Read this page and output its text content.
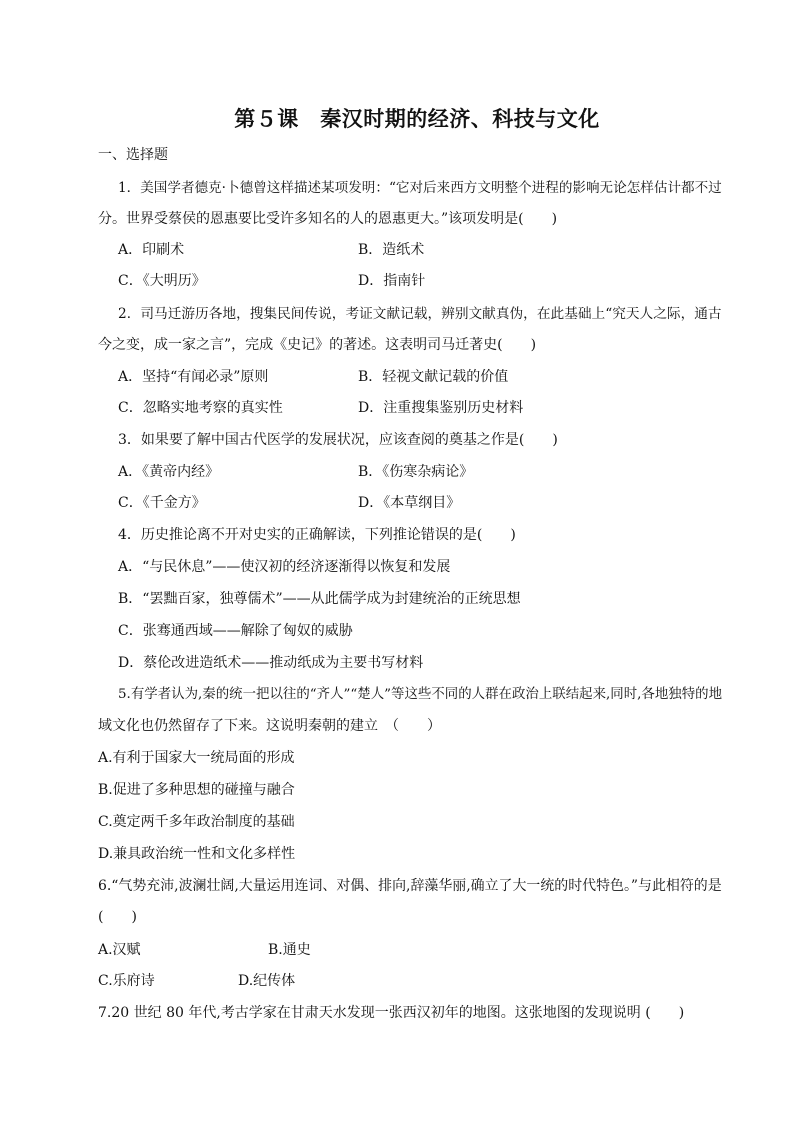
第５课　秦汉时期的经济、科技与文化
一、选择题
1．美国学者德克·卜德曾这样描述某项发明：“它对后来西方文明整个进程的影响无论怎样估计都不过
分。世界受蔡侯的恩惠要比受许多知名的人的恩惠更大。”该项发明是(　　)
A．印刷术	B．造纸术
C．《大明历》	D．指南针
2．司马迁游历各地，搜集民间传说，考证文献记载，辨别文献真伪，在此基础上“究天人之际，通古
今之变，成一家之言”，完成《史记》的著述。这表明司马迁著史(　　)
A．坚持“有闻必录”原则	B．轻视文献记载的价值
C．忽略实地考察的真实性	D．注重搜集鉴别历史材料
3．如果要了解中国古代医学的发展状况，应该查阅的奠基之作是(　　)
A．《黄帝内经》	B．《伤寒杂病论》
C．《千金方》	D．《本草纲目》
4．历史推论离不开对史实的正确解读，下列推论错误的是(　　)
A．“与民休息”——使汉初的经济逐渐得以恢复和发展
B．“罢黜百家，独尊儒术”——从此儒学成为封建统治的正统思想
C．张骞通西域——解除了匈奴的威胁
D．蔡伦改进造纸术——推动纸成为主要书写材料
5.有学者认为,秦的统一把以往的“齐人”“楚人”等这些不同的人群在政治上联结起来,同时,各地独特的地
域文化也仍然留存了下来。这说明秦朝的建立　（　　）
A.有利于国家大一统局面的形成
B.促进了多种思想的碰撞与融合
C.奠定两千多年政治制度的基础
D.兼具政治统一性和文化多样性
6.“气势充沛,波澜壮阔,大量运用连词、对偶、排向,辞藻华丽,确立了大一统的时代特色。”与此相符的是
(　　)
A.汉赋	B.通史
C.乐府诗	D.纪传体
7.20 世纪 80 年代,考古学家在甘肃天水发现一张西汉初年的地图。这张地图的发现说明 (　　)
